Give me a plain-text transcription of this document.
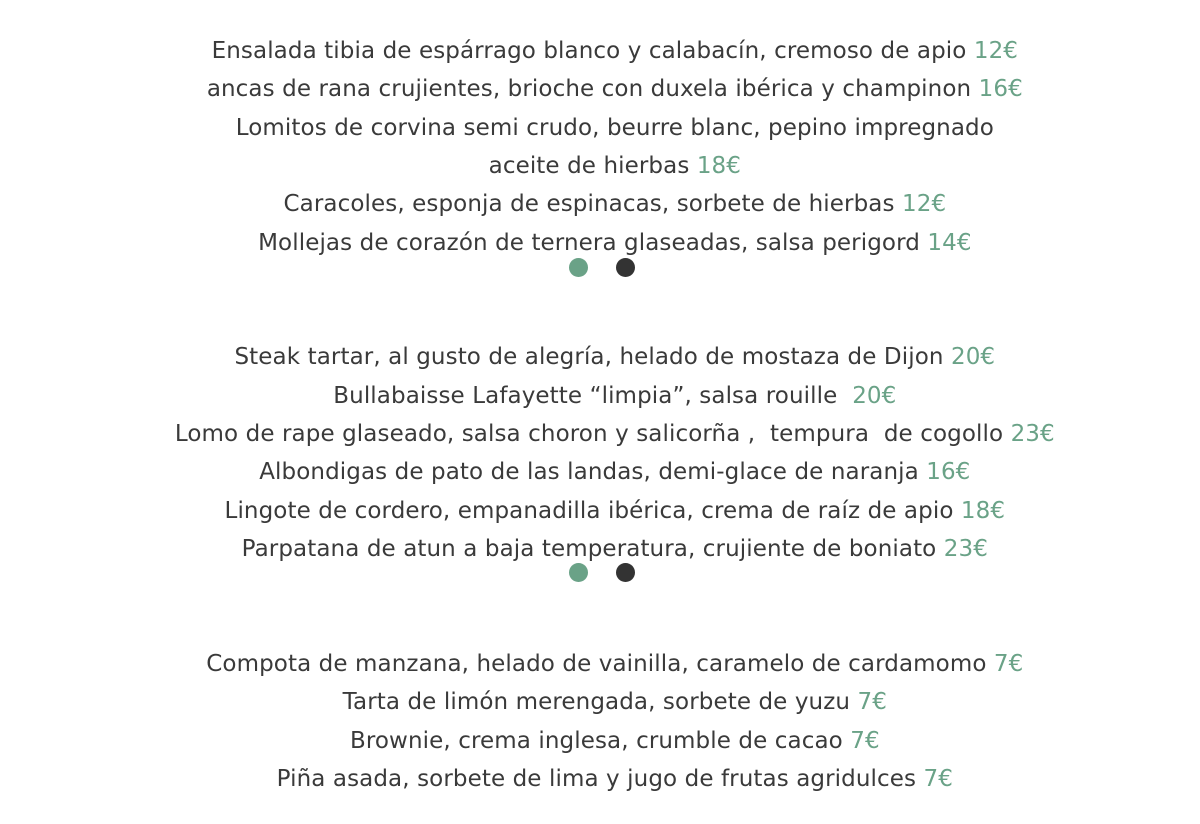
Ensalada tibia de espárrago blanco y calabacín, cremoso de apio 12€

ancas de rana crujientes, brioche con duxela ibérica y champinon 16€

Lomitos de corvina semi crudo, beurre blanc, pepino impregnado

aceite de hierbas 18€

Caracoles, esponja de espinacas, sorbete de hierbas 12€

Mollejas de corazón de ternera glaseadas, salsa perigord 14€

Steak tartar, al gusto de alegría, helado de mostaza de Dijon 20€

Bullabaisse Lafayette “limpia”, salsa rouille  20€

Lomo de rape glaseado, salsa choron y salicorña ,  tempura  de cogollo 23€

Albondigas de pato de las landas, demi-glace de naranja 16€

Lingote de cordero, empanadilla ibérica, crema de raíz de apio 18€

Parpatana de atun a baja temperatura, crujiente de boniato 23€

Compota de manzana, helado de vainilla, caramelo de cardamomo 7€

Tarta de limón merengada, sorbete de yuzu 7€

Brownie, crema inglesa, crumble de cacao 7€

Piña asada, sorbete de lima y jugo de frutas agridulces 7€
